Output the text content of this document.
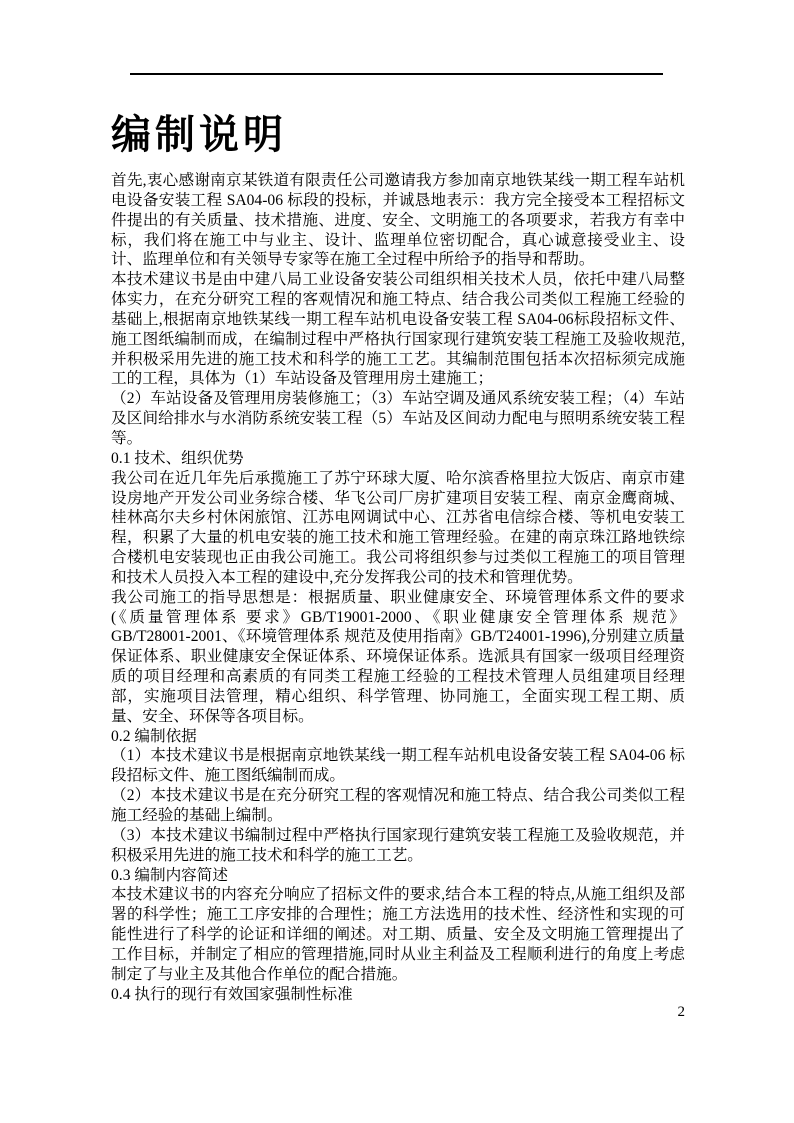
编制说明

首先,衷心感谢南京某铁道有限责任公司邀请我方参加南京地铁某线一期工程车站机电设备安装工程 SA04-06 标段的投标，并诚恳地表示：我方完全接受本工程招标文件提出的有关质量、技术措施、进度、安全、文明施工的各项要求，若我方有幸中标，我们将在施工中与业主、设计、监理单位密切配合，真心诚意接受业主、设计、监理单位和有关领导专家等在施工全过程中所给予的指导和帮助。

本技术建议书是由中建八局工业设备安装公司组织相关技术人员，依托中建八局整体实力，在充分研究工程的客观情况和施工特点、结合我公司类似工程施工经验的基础上,根据南京地铁某线一期工程车站机电设备安装工程 SA04-06标段招标文件、施工图纸编制而成，在编制过程中严格执行国家现行建筑安装工程施工及验收规范,并积极采用先进的施工技术和科学的施工工艺。其编制范围包括本次招标须完成施工的工程，具体为（1）车站设备及管理用房土建施工；

（2）车站设备及管理用房装修施工；（3）车站空调及通风系统安装工程；（4）车站及区间给排水与水消防系统安装工程（5）车站及区间动力配电与照明系统安装工程等。

0.1 技术、组织优势

我公司在近几年先后承揽施工了苏宁环球大厦、哈尔滨香格里拉大饭店、南京市建设房地产开发公司业务综合楼、华飞公司厂房扩建项目安装工程、南京金鹰商城、桂林高尔夫乡村休闲旅馆、江苏电网调试中心、江苏省电信综合楼、等机电安装工程，积累了大量的机电安装的施工技术和施工管理经验。在建的南京珠江路地铁综合楼机电安装现也正由我公司施工。我公司将组织参与过类似工程施工的项目管理和技术人员投入本工程的建设中,充分发挥我公司的技术和管理优势。

我公司施工的指导思想是：根据质量、职业健康安全、环境管理体系文件的要求(《质量管理体系 要求》GB/T19001-2000、《职业健康安全管理体系 规范》GB/T28001-2001、《环境管理体系 规范及使用指南》GB/T24001-1996),分别建立质量保证体系、职业健康安全保证体系、环境保证体系。选派具有国家一级项目经理资质的项目经理和高素质的有同类工程施工经验的工程技术管理人员组建项目经理部，实施项目法管理，精心组织、科学管理、协同施工，全面实现工程工期、质量、安全、环保等各项目标。

0.2 编制依据

（1）本技术建议书是根据南京地铁某线一期工程车站机电设备安装工程 SA04-06 标段招标文件、施工图纸编制而成。

（2）本技术建议书是在充分研究工程的客观情况和施工特点、结合我公司类似工程施工经验的基础上编制。

（3）本技术建议书编制过程中严格执行国家现行建筑安装工程施工及验收规范，并积极采用先进的施工技术和科学的施工工艺。

0.3 编制内容简述

本技术建议书的内容充分响应了招标文件的要求,结合本工程的特点,从施工组织及部署的科学性；施工工序安排的合理性；施工方法选用的技术性、经济性和实现的可能性进行了科学的论证和详细的阐述。对工期、质量、安全及文明施工管理提出了工作目标，并制定了相应的管理措施,同时从业主利益及工程顺利进行的角度上考虑制定了与业主及其他合作单位的配合措施。

0.4 执行的现行有效国家强制性标准

2
